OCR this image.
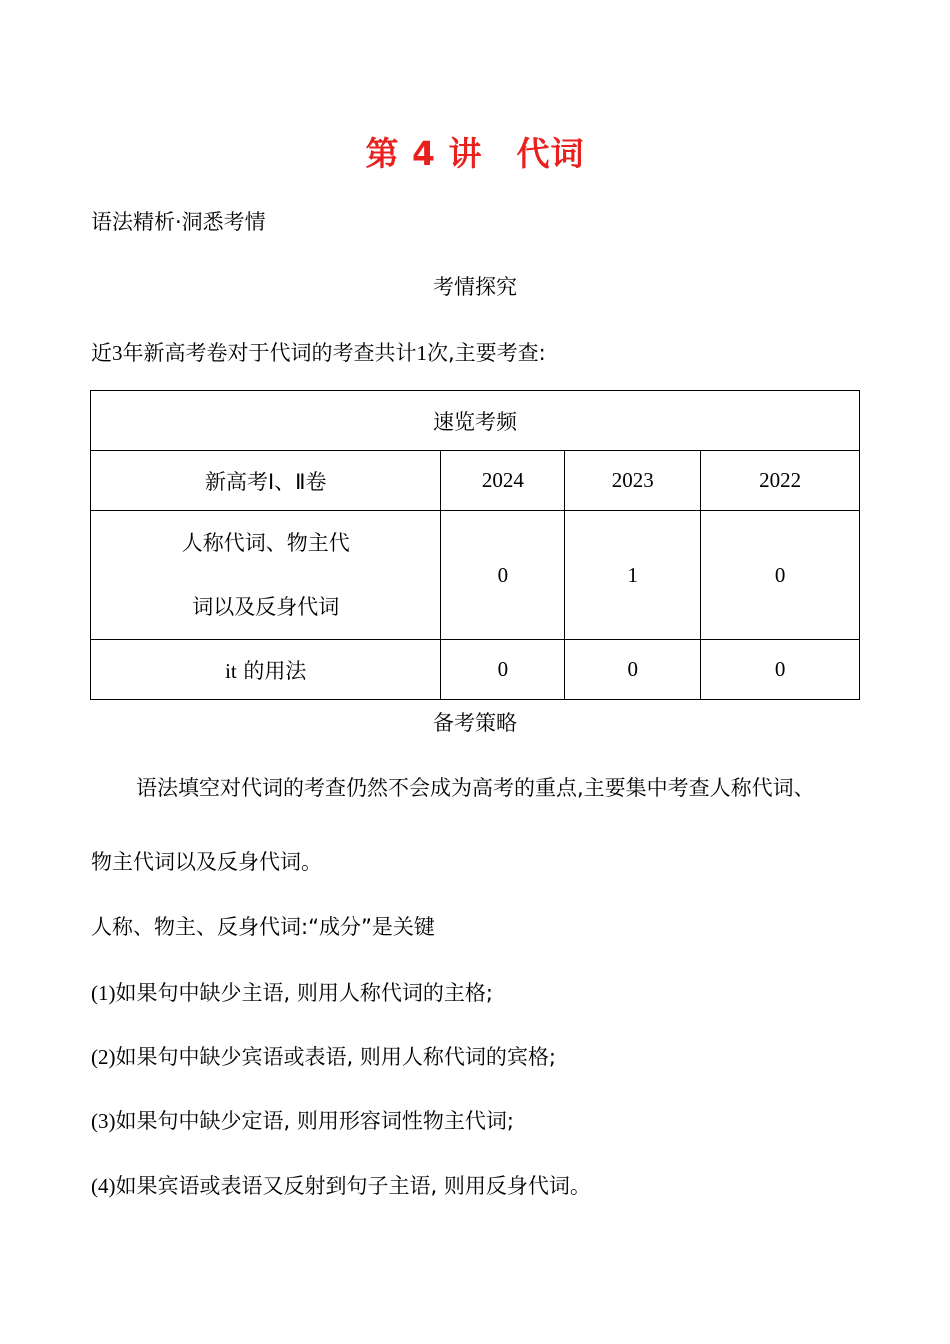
第 4 讲　代词
语法精析·洞悉考情
考情探究
近3年新高考卷对于代词的考查共计1次,主要考查:
速览考频			
新高考Ⅰ、Ⅱ卷	2024	2023	2022

人称代词、物主代
词以及反身代词	0	1	0
it 的用法	0	0	0
备考策略
语法填空对代词的考查仍然不会成为高考的重点,主要集中考查人称代词、
物主代词以及反身代词。
人称、物主、反身代词:“成分”是关键
(1)如果句中缺少主语, 则用人称代词的主格;
(2)如果句中缺少宾语或表语, 则用人称代词的宾格;
(3)如果句中缺少定语, 则用形容词性物主代词;
(4)如果宾语或表语又反射到句子主语, 则用反身代词。
